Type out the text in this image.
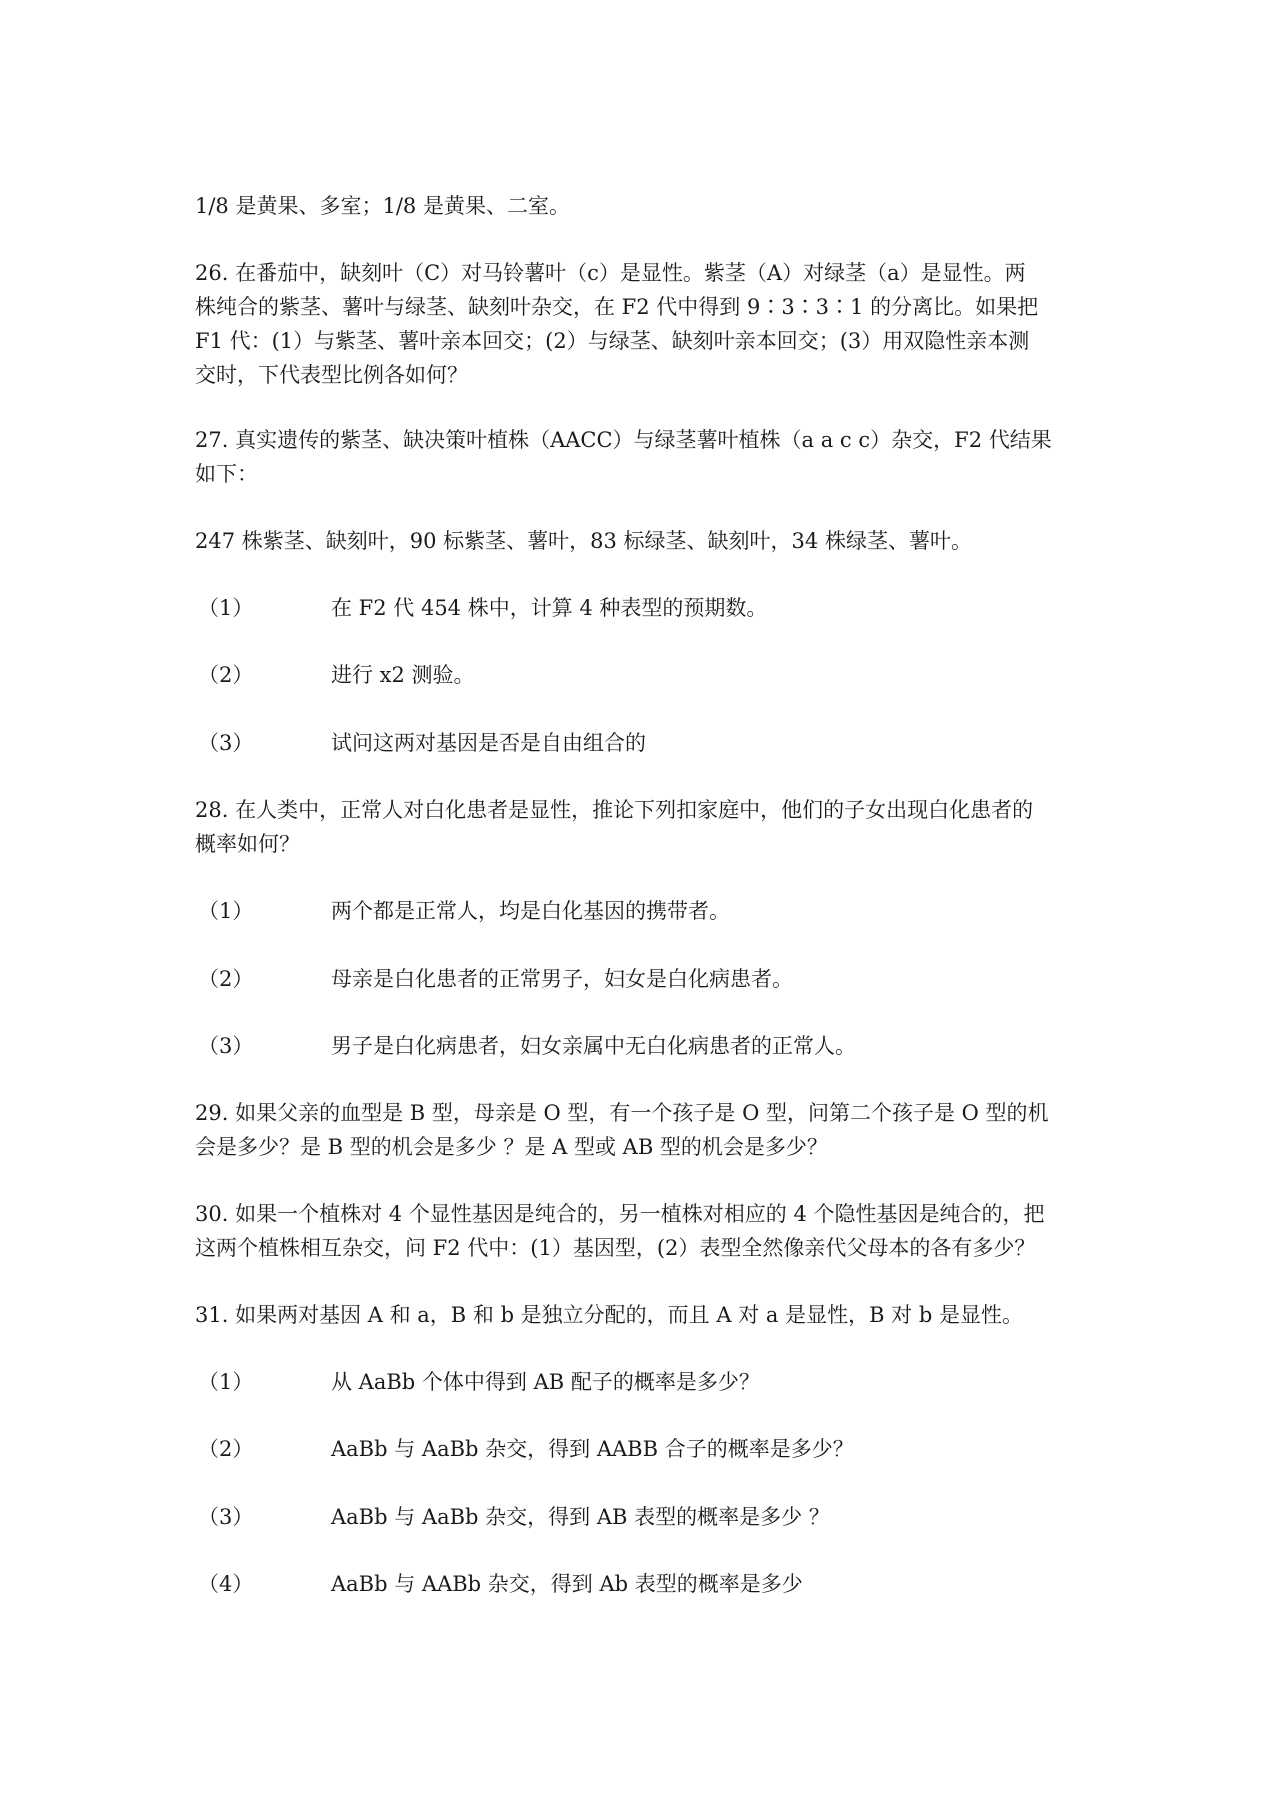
1/8 是黄果、多室；1/8 是黄果、二室。
26. 在番茄中，缺刻叶（C）对马铃薯叶（c）是显性。紫茎（A）对绿茎（a）是显性。两
株纯合的紫茎、薯叶与绿茎、缺刻叶杂交，在 F2 代中得到 9∶3∶3∶1 的分离比。如果把
F1 代：(1）与紫茎、薯叶亲本回交；(2）与绿茎、缺刻叶亲本回交；(3）用双隐性亲本测
交时，下代表型比例各如何？
27. 真实遗传的紫茎、缺决策叶植株（AACC）与绿茎薯叶植株（a a c c）杂交，F2 代结果
如下：
247 株紫茎、缺刻叶，90 标紫茎、薯叶，83 标绿茎、缺刻叶，34 株绿茎、薯叶。
（1）	在 F2 代 454 株中，计算 4 种表型的预期数。
（2）	进行 x2 测验。
（3）	试问这两对基因是否是自由组合的
28. 在人类中，正常人对白化患者是显性，推论下列扣家庭中，他们的子女出现白化患者的
概率如何？
（1）	两个都是正常人，均是白化基因的携带者。
（2）	母亲是白化患者的正常男子，妇女是白化病患者。
（3）	男子是白化病患者，妇女亲属中无白化病患者的正常人。
29. 如果父亲的血型是 B 型，母亲是 O 型，有一个孩子是 O 型，问第二个孩子是 O 型的机
会是多少？是 B 型的机会是多少 ？是 A 型或 AB 型的机会是多少？
30. 如果一个植株对 4 个显性基因是纯合的，另一植株对相应的 4 个隐性基因是纯合的，把
这两个植株相互杂交，问 F2 代中：(1）基因型，(2）表型全然像亲代父母本的各有多少？
31. 如果两对基因 A 和 a，B 和 b 是独立分配的，而且 A 对 a 是显性，B 对 b 是显性。
（1）	从 AaBb 个体中得到 AB 配子的概率是多少？
（2）	AaBb 与 AaBb 杂交，得到 AABB 合子的概率是多少？
（3）	AaBb 与 AaBb 杂交，得到 AB 表型的概率是多少 ？
（4）	AaBb 与 AABb 杂交，得到 Ab 表型的概率是多少
